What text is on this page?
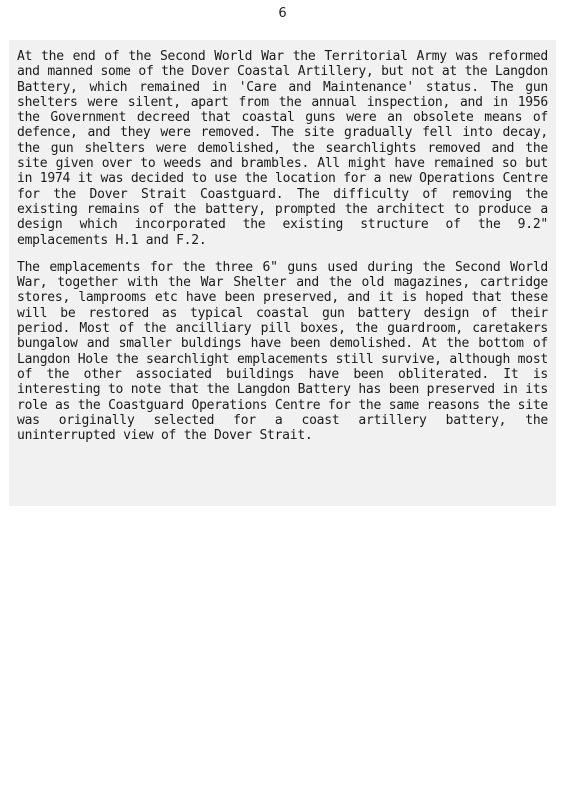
6

At the end of the Second World War the Territorial Army was reformed and manned some of the Dover Coastal Artillery, but not at the Langdon Battery, which remained in 'Care and Maintenance' status. The gun shelters were silent, apart from the annual inspection, and in 1956 the Government decreed that coastal guns were an obsolete means of defence, and they were removed. The site gradually fell into decay, the gun shelters were demolished, the searchlights removed and the site given over to weeds and brambles. All might have remained so but in 1974 it was decided to use the location for a new Operations Centre for the Dover Strait Coastguard. The difficulty of removing the existing remains of the battery, prompted the architect to produce a design which incorporated the existing structure of the 9.2" emplacements H.1 and F.2.

The emplacements for the three 6" guns used during the Second World War, together with the War Shelter and the old magazines, cartridge stores, lamprooms etc have been preserved, and it is hoped that these will be restored as typical coastal gun battery design of their period. Most of the ancilliary pill boxes, the guardroom, caretakers bungalow and smaller buldings have been demolished. At the bottom of Langdon Hole the searchlight emplacements still survive, although most of the other associated buildings have been obliterated. It is interesting to note that the Langdon Battery has been preserved in its role as the Coastguard Operations Centre for the same reasons the site was originally selected for a coast artillery battery, the uninterrupted view of the Dover Strait.
